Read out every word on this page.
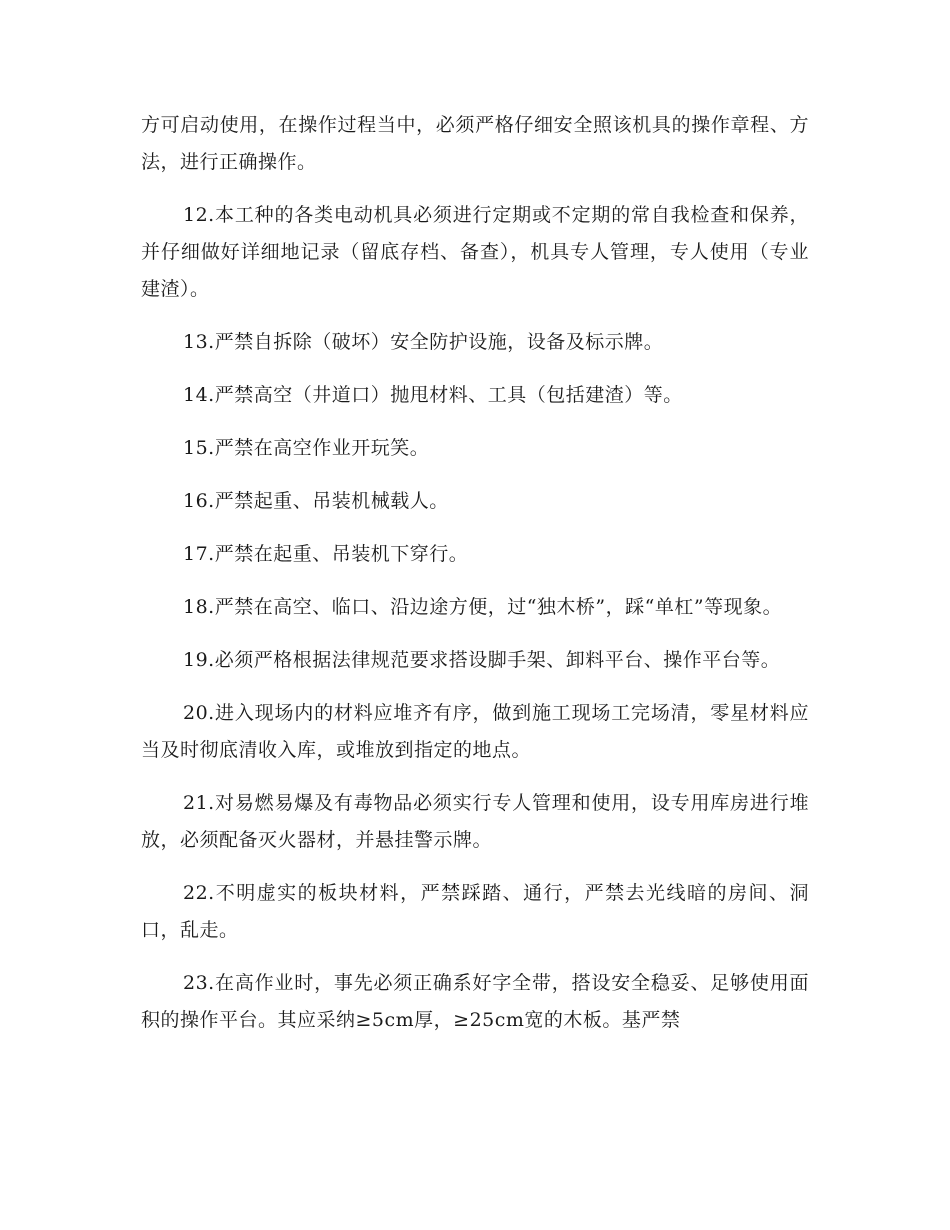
方可启动使用，在操作过程当中，必须严格仔细安全照该机具的操作章程、方法，进行正确操作。

12.本工种的各类电动机具必须进行定期或不定期的常自我检查和保养，并仔细做好详细地记录（留底存档、备查），机具专人管理，专人使用（专业建渣）。

13.严禁自拆除（破坏）安全防护设施，设备及标示牌。

14.严禁高空（井道口）抛甩材料、工具（包括建渣）等。

15.严禁在高空作业开玩笑。

16.严禁起重、吊装机械载人。

17.严禁在起重、吊装机下穿行。

18.严禁在高空、临口、沿边途方便，过“独木桥”，踩“单杠”等现象。

19.必须严格根据法律规范要求搭设脚手架、卸料平台、操作平台等。

20.进入现场内的材料应堆齐有序，做到施工现场工完场清，零星材料应当及时彻底清收入库，或堆放到指定的地点。

21.对易燃易爆及有毒物品必须实行专人管理和使用，设专用库房进行堆放，必须配备灭火器材，并悬挂警示牌。

22.不明虚实的板块材料，严禁踩踏、通行，严禁去光线暗的房间、洞口，乱走。

23.在高作业时，事先必须正确系好字全带，搭设安全稳妥、足够使用面积的操作平台。其应采纳≥5cm厚，≥25cm宽的木板。基严禁
